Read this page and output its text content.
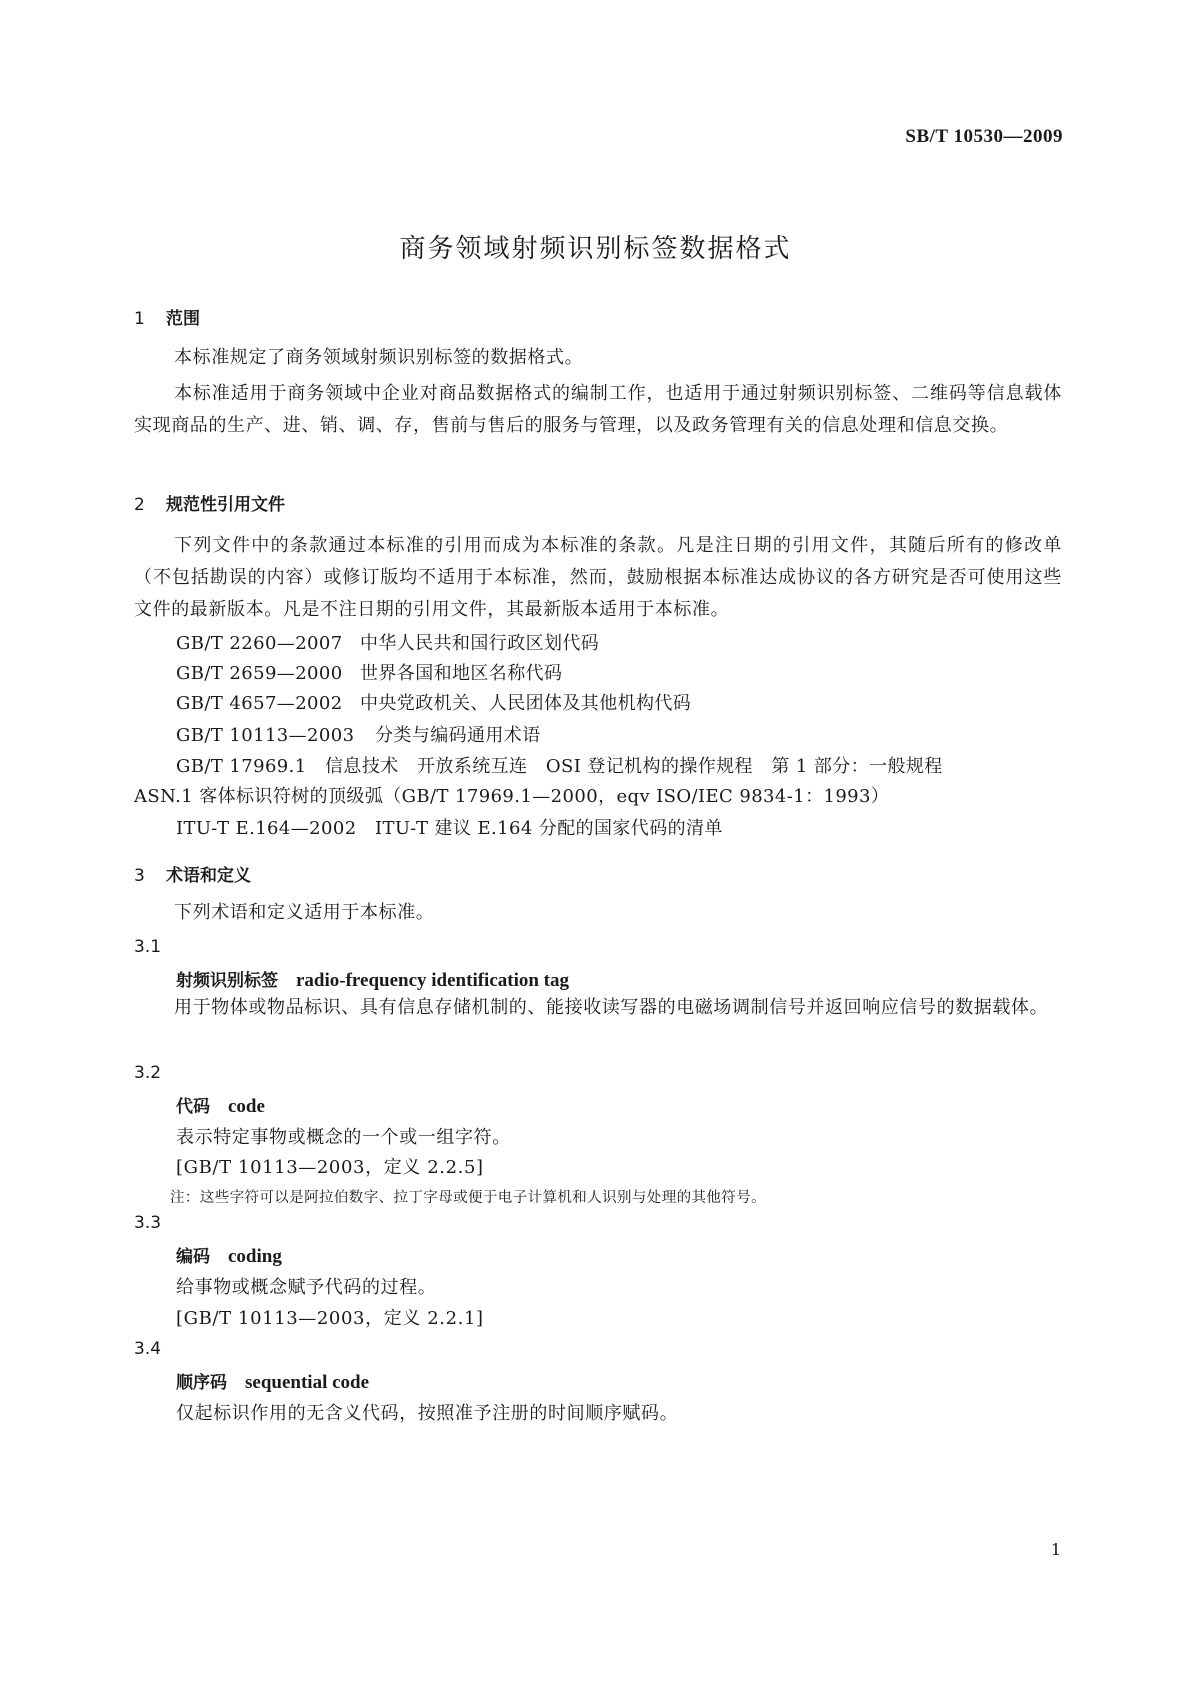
SB/T 10530—2009
商务领域射频识别标签数据格式
1 范围
本标准规定了商务领域射频识别标签的数据格式。
本标准适用于商务领域中企业对商品数据格式的编制工作，也适用于通过射频识别标签、二维码等信息载体实现商品的生产、进、销、调、存，售前与售后的服务与管理，以及政务管理有关的信息处理和信息交换。
2 规范性引用文件
下列文件中的条款通过本标准的引用而成为本标准的条款。凡是注日期的引用文件，其随后所有的修改单（不包括勘误的内容）或修订版均不适用于本标准，然而，鼓励根据本标准达成协议的各方研究是否可使用这些文件的最新版本。凡是不注日期的引用文件，其最新版本适用于本标准。
GB/T 2260—2007 中华人民共和国行政区划代码
GB/T 2659—2000 世界各国和地区名称代码
GB/T 4657—2002 中央党政机关、人民团体及其他机构代码
GB/T 10113—2003 分类与编码通用术语
GB/T 17969.1　信息技术　开放系统互连　OSI 登记机构的操作规程　第 1 部分：一般规程
ASN.1 客体标识符树的顶级弧（GB/T 17969.1—2000，eqv ISO/IEC 9834-1：1993）
ITU-T E.164—2002 ITU-T 建议 E.164 分配的国家代码的清单
3 术语和定义
下列术语和定义适用于本标准。
3.1
射频识别标签 radio-frequency identification tag
用于物体或物品标识、具有信息存储机制的、能接收读写器的电磁场调制信号并返回响应信号的数据载体。
3.2
代码 code
表示特定事物或概念的一个或一组字符。
[GB/T 10113—2003，定义 2.2.5]
注：这些字符可以是阿拉伯数字、拉丁字母或便于电子计算机和人识别与处理的其他符号。
3.3
编码 coding
给事物或概念赋予代码的过程。
[GB/T 10113—2003，定义 2.2.1]
3.4
顺序码 sequential code
仅起标识作用的无含义代码，按照准予注册的时间顺序赋码。
1
